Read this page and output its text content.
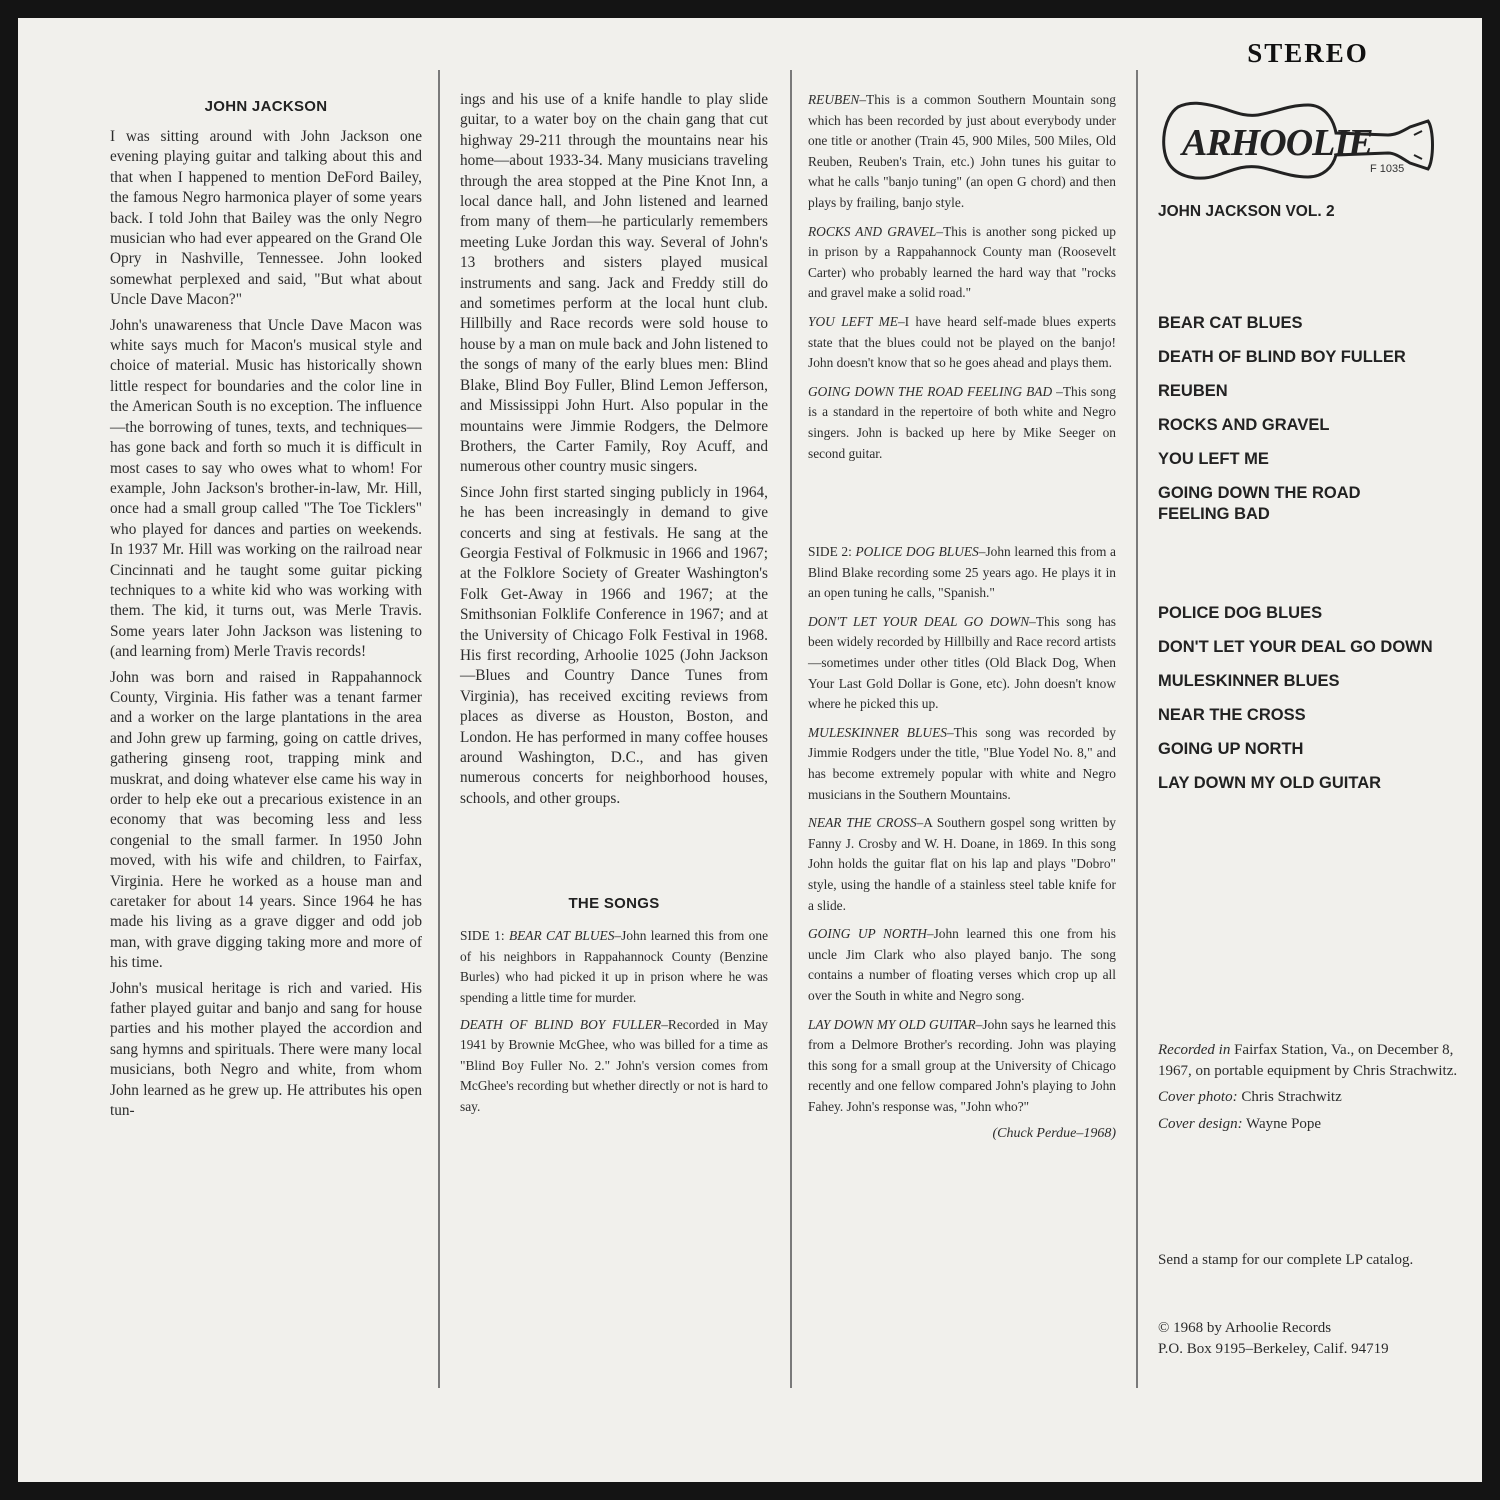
JOHN JACKSON

I was sitting around with John Jackson one evening playing guitar and talking about this and that when I happened to mention DeFord Bailey, the famous Negro harmonica player of some years back. I told John that Bailey was the only Negro musician who had ever appeared on the Grand Ole Opry in Nashville, Tennessee. John looked somewhat perplexed and said, "But what about Uncle Dave Macon?"

John's unawareness that Uncle Dave Macon was white says much for Macon's musical style and choice of material. Music has historically shown little respect for boundaries and the color line in the American South is no exception. The influence—the borrowing of tunes, texts, and techniques—has gone back and forth so much it is difficult in most cases to say who owes what to whom! For example, John Jackson's brother-in-law, Mr. Hill, once had a small group called "The Toe Ticklers" who played for dances and parties on weekends. In 1937 Mr. Hill was working on the railroad near Cincinnati and he taught some guitar picking techniques to a white kid who was working with them. The kid, it turns out, was Merle Travis. Some years later John Jackson was listening to (and learning from) Merle Travis records!

John was born and raised in Rappahannock County, Virginia. His father was a tenant farmer and a worker on the large plantations in the area and John grew up farming, going on cattle drives, gathering ginseng root, trapping mink and muskrat, and doing whatever else came his way in order to help eke out a precarious existence in an economy that was becoming less and less congenial to the small farmer. In 1950 John moved, with his wife and children, to Fairfax, Virginia. Here he worked as a house man and caretaker for about 14 years. Since 1964 he has made his living as a grave digger and odd job man, with grave digging taking more and more of his time.

John's musical heritage is rich and varied. His father played guitar and banjo and sang for house parties and his mother played the accordion and sang hymns and spirituals. There were many local musicians, both Negro and white, from whom John learned as he grew up. He attributes his open tun-

ings and his use of a knife handle to play slide guitar, to a water boy on the chain gang that cut highway 29-211 through the mountains near his home—about 1933-34. Many musicians traveling through the area stopped at the Pine Knot Inn, a local dance hall, and John listened and learned from many of them—he particularly remembers meeting Luke Jordan this way. Several of John's 13 brothers and sisters played musical instruments and sang. Jack and Freddy still do and sometimes perform at the local hunt club. Hillbilly and Race records were sold house to house by a man on mule back and John listened to the songs of many of the early blues men: Blind Blake, Blind Boy Fuller, Blind Lemon Jefferson, and Mississippi John Hurt. Also popular in the mountains were Jimmie Rodgers, the Delmore Brothers, the Carter Family, Roy Acuff, and numerous other country music singers.

Since John first started singing publicly in 1964, he has been increasingly in demand to give concerts and sing at festivals. He sang at the Georgia Festival of Folkmusic in 1966 and 1967; at the Folklore Society of Greater Washington's Folk Get-Away in 1966 and 1967; at the Smithsonian Folklife Conference in 1967; and at the University of Chicago Folk Festival in 1968. His first recording, Arhoolie 1025 (John Jackson—Blues and Country Dance Tunes from Virginia), has received exciting reviews from places as diverse as Houston, Boston, and London. He has performed in many coffee houses around Washington, D.C., and has given numerous concerts for neighborhood houses, schools, and other groups.

THE SONGS

SIDE 1: BEAR CAT BLUES–John learned this from one of his neighbors in Rappahannock County (Benzine Burles) who had picked it up in prison where he was spending a little time for murder.

DEATH OF BLIND BOY FULLER–Recorded in May 1941 by Brownie McGhee, who was billed for a time as "Blind Boy Fuller No. 2." John's version comes from McGhee's recording but whether directly or not is hard to say.

REUBEN–This is a common Southern Mountain song which has been recorded by just about everybody under one title or another (Train 45, 900 Miles, 500 Miles, Old Reuben, Reuben's Train, etc.) John tunes his guitar to what he calls "banjo tuning" (an open G chord) and then plays by frailing, banjo style.

ROCKS AND GRAVEL–This is another song picked up in prison by a Rappahannock County man (Roosevelt Carter) who probably learned the hard way that "rocks and gravel make a solid road."

YOU LEFT ME–I have heard self-made blues experts state that the blues could not be played on the banjo! John doesn't know that so he goes ahead and plays them.

GOING DOWN THE ROAD FEELING BAD –This song is a standard in the repertoire of both white and Negro singers. John is backed up here by Mike Seeger on second guitar.

SIDE 2: POLICE DOG BLUES–John learned this from a Blind Blake recording some 25 years ago. He plays it in an open tuning he calls, "Spanish."

DON'T LET YOUR DEAL GO DOWN–This song has been widely recorded by Hillbilly and Race record artists—sometimes under other titles (Old Black Dog, When Your Last Gold Dollar is Gone, etc). John doesn't know where he picked this up.

MULESKINNER BLUES–This song was recorded by Jimmie Rodgers under the title, "Blue Yodel No. 8," and has become extremely popular with white and Negro musicians in the Southern Mountains.

NEAR THE CROSS–A Southern gospel song written by Fanny J. Crosby and W. H. Doane, in 1869. In this song John holds the guitar flat on his lap and plays "Dobro" style, using the handle of a stainless steel table knife for a slide.

GOING UP NORTH–John learned this one from his uncle Jim Clark who also played banjo. The song contains a number of floating verses which crop up all over the South in white and Negro song.

LAY DOWN MY OLD GUITAR–John says he learned this from a Delmore Brother's recording. John was playing this song for a small group at the University of Chicago recently and one fellow compared John's playing to John Fahey. John's response was, "John who?"

(Chuck Perdue–1968)
STEREO
ARHOOLIE
F 1035
JOHN JACKSON VOL. 2
BEAR CAT BLUES
DEATH OF BLIND BOY FULLER
REUBEN
ROCKS AND GRAVEL
YOU LEFT ME
GOING DOWN THE ROAD FEELING BAD
POLICE DOG BLUES
DON'T LET YOUR DEAL GO DOWN
MULESKINNER BLUES
NEAR THE CROSS
GOING UP NORTH
LAY DOWN MY OLD GUITAR

Recorded in Fairfax Station, Va., on December 8, 1967, on portable equipment by Chris Strachwitz.

Cover photo: Chris Strachwitz

Cover design: Wayne Pope

Send a stamp for our complete LP catalog.

© 1968 by Arhoolie Records

P.O. Box 9195–Berkeley, Calif. 94719
